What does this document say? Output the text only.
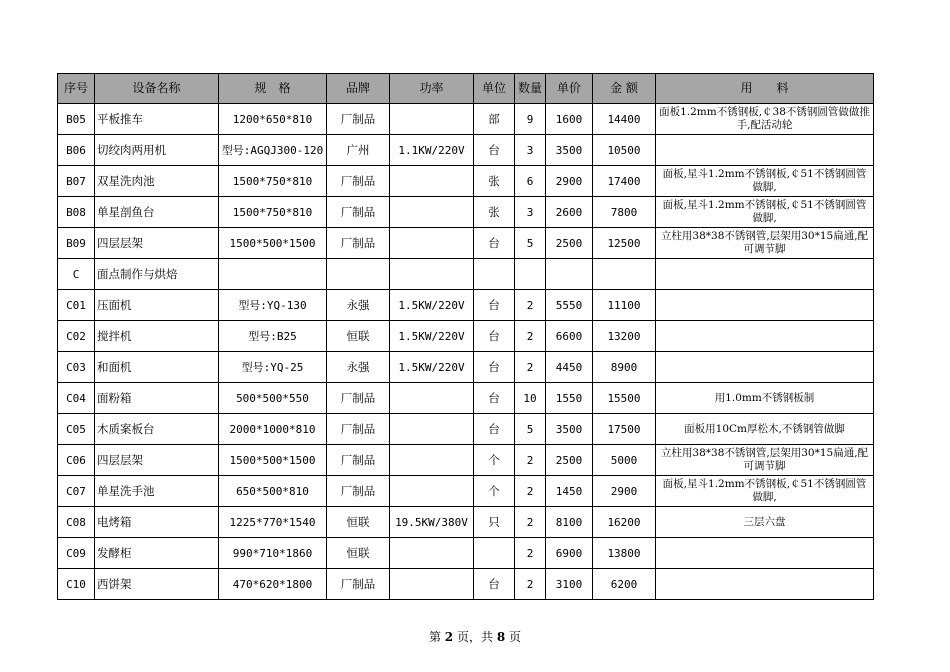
序号	设备名称	规　格	品牌	功率	单位	数量	单价	金 额	用　　料
B05	平板推车	1200*650*810	厂制品		部	9	1600	14400	面板1.2mm不锈钢板,￠38不锈钢圆管做做推手,配活动轮
B06	切绞肉两用机	型号:AGQJ300-120	广州	1.1KW/220V	台	3	3500	10500	
B07	双星洗肉池	1500*750*810	厂制品		张	6	2900	17400	面板,星斗1.2mm不锈钢板,￠51不锈钢圆管做脚,
B08	单星剖鱼台	1500*750*810	厂制品		张	3	2600	7800	面板,星斗1.2mm不锈钢板,￠51不锈钢圆管做脚,
B09	四层层架	1500*500*1500	厂制品		台	5	2500	12500	立柱用38*38不锈钢管,层架用30*15扁通,配可调节脚
C	面点制作与烘焙								
C01	压面机	型号:YQ-130	永强	1.5KW/220V	台	2	5550	11100	
C02	搅拌机	型号:B25	恒联	1.5KW/220V	台	2	6600	13200	
C03	和面机	型号:YQ-25	永强	1.5KW/220V	台	2	4450	8900	
C04	面粉箱	500*500*550	厂制品		台	10	1550	15500	用1.0mm不锈钢板制
C05	木质案板台	2000*1000*810	厂制品		台	5	3500	17500	面板用10Cm厚松木,不锈钢管做脚
C06	四层层架	1500*500*1500	厂制品		个	2	2500	5000	立柱用38*38不锈钢管,层架用30*15扁通,配可调节脚
C07	单星洗手池	650*500*810	厂制品		个	2	1450	2900	面板,星斗1.2mm不锈钢板,￠51不锈钢圆管做脚,
C08	电烤箱	1225*770*1540	恒联	19.5KW/380V	只	2	8100	16200	三层六盘
C09	发酵柜	990*710*1860	恒联			2	6900	13800	
C10	西饼架	470*620*1800	厂制品		台	2	3100	6200	
第 2 页，共 8 页
